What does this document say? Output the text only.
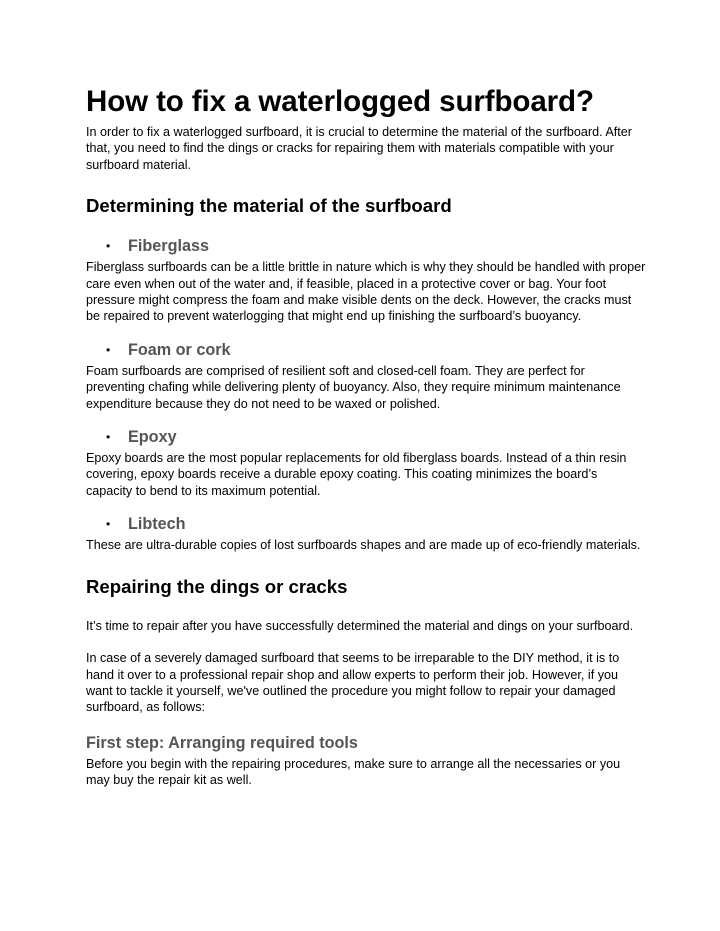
How to fix a waterlogged surfboard?

In order to fix a waterlogged surfboard, it is crucial to determine the material of the surfboard. After that, you need to find the dings or cracks for repairing them with materials compatible with your surfboard material.

Determining the material of the surfboard
•	Fiberglass

Fiberglass surfboards can be a little brittle in nature which is why they should be handled with proper care even when out of the water and, if feasible, placed in a protective cover or bag. Your foot pressure might compress the foam and make visible dents on the deck. However, the cracks must be repaired to prevent waterlogging that might end up finishing the surfboard’s buoyancy.

•	Foam or cork

Foam surfboards are comprised of resilient soft and closed-cell foam. They are perfect for preventing chafing while delivering plenty of buoyancy. Also, they require minimum maintenance expenditure because they do not need to be waxed or polished.

•	Epoxy

Epoxy boards are the most popular replacements for old fiberglass boards. Instead of a thin resin covering, epoxy boards receive a durable epoxy coating. This coating minimizes the board’s capacity to bend to its maximum potential.

•	Libtech

These are ultra-durable copies of lost surfboards shapes and are made up of eco-friendly materials.

Repairing the dings or cracks

It’s time to repair after you have successfully determined the material and dings on your surfboard.

In case of a severely damaged surfboard that seems to be irreparable to the DIY method, it is to hand it over to a professional repair shop and allow experts to perform their job. However, if you want to tackle it yourself, we've outlined the procedure you might follow to repair your damaged surfboard, as follows:

First step: Arranging required tools

Before you begin with the repairing procedures, make sure to arrange all the necessaries or you may buy the repair kit as well.
